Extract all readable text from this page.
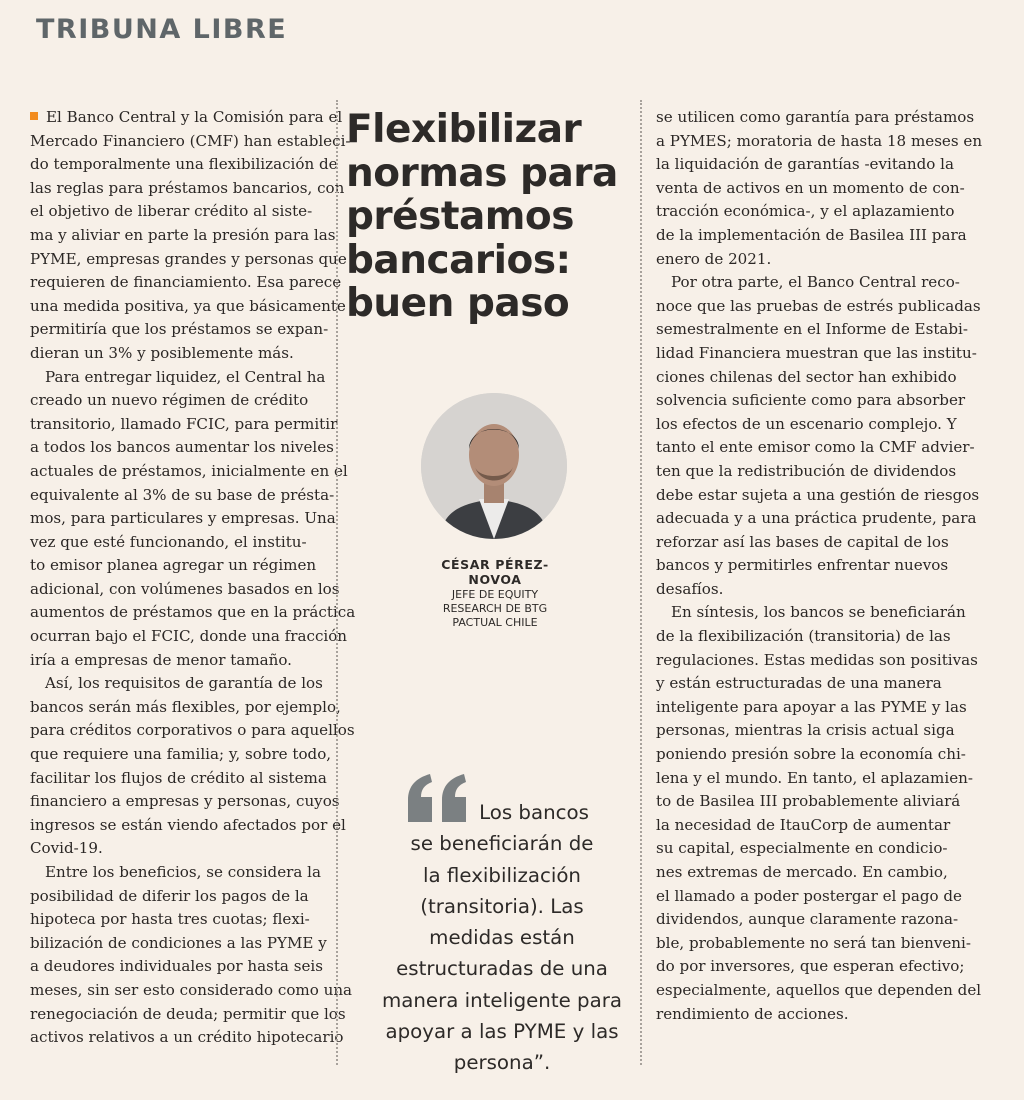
TRIBUNA LIBRE
El Banco Central y la Comisión para el
Mercado Financiero (CMF) han estableci-
do temporalmente una flexibilización de
las reglas para préstamos bancarios, con
el objetivo de liberar crédito al siste-
ma y aliviar en parte la presión para las
PYME, empresas grandes y personas que
requieren de financiamiento. Esa parece
una medida positiva, ya que básicamente
permitiría que los préstamos se expan-
dieran un 3% y posiblemente más.
Para entregar liquidez, el Central ha
creado un nuevo régimen de crédito
transitorio, llamado FCIC, para permitir
a todos los bancos aumentar los niveles
actuales de préstamos, inicialmente en el
equivalente al 3% de su base de présta-
mos, para particulares y empresas. Una
vez que esté funcionando, el institu-
to emisor planea agregar un régimen
adicional, con volúmenes basados en los
aumentos de préstamos que en la práctica
ocurran bajo el FCIC, donde una fracción
iría a empresas de menor tamaño.
Así, los requisitos de garantía de los
bancos serán más flexibles, por ejemplo,
para créditos corporativos o para aquellos
que requiere una familia; y, sobre todo,
facilitar los flujos de crédito al sistema
financiero a empresas y personas, cuyos
ingresos se están viendo afectados por el
Covid-19.
Entre los beneficios, se considera la
posibilidad de diferir los pagos de la
hipoteca por hasta tres cuotas; flexi-
bilización de condiciones a las PYME y
a deudores individuales por hasta seis
meses, sin ser esto considerado como una
renegociación de deuda; permitir que los
activos relativos a un crédito hipotecario
Flexibilizar
normas para
préstamos
bancarios:
buen paso
CÉSAR PÉREZ-
NOVOA
JEFE DE EQUITY
RESEARCH DE BTG
PACTUAL CHILE
Los bancos
se beneficiarán de
la flexibilización
(transitoria). Las
medidas están
estructuradas de una
manera inteligente para
apoyar a las PYME y las
persona”.
se utilicen como garantía para préstamos
a PYMES; moratoria de hasta 18 meses en
la liquidación de garantías -evitando la
venta de activos en un momento de con-
tracción económica-, y el aplazamiento
de la implementación de Basilea III para
enero de 2021.
Por otra parte, el Banco Central reco-
noce que las pruebas de estrés publicadas
semestralmente en el Informe de Estabi-
lidad Financiera muestran que las institu-
ciones chilenas del sector han exhibido
solvencia suficiente como para absorber
los efectos de un escenario complejo. Y
tanto el ente emisor como la CMF advier-
ten que la redistribución de dividendos
debe estar sujeta a una gestión de riesgos
adecuada y a una práctica prudente, para
reforzar así las bases de capital de los
bancos y permitirles enfrentar nuevos
desafíos.
En síntesis, los bancos se beneficiarán
de la flexibilización (transitoria) de las
regulaciones. Estas medidas son positivas
y están estructuradas de una manera
inteligente para apoyar a las PYME y las
personas, mientras la crisis actual siga
poniendo presión sobre la economía chi-
lena y el mundo. En tanto, el aplazamien-
to de Basilea III probablemente aliviará
la necesidad de ItauCorp de aumentar
su capital, especialmente en condicio-
nes extremas de mercado. En cambio,
el llamado a poder postergar el pago de
dividendos, aunque claramente razona-
ble, probablemente no será tan bienveni-
do por inversores, que esperan efectivo;
especialmente, aquellos que dependen del
rendimiento de acciones.
